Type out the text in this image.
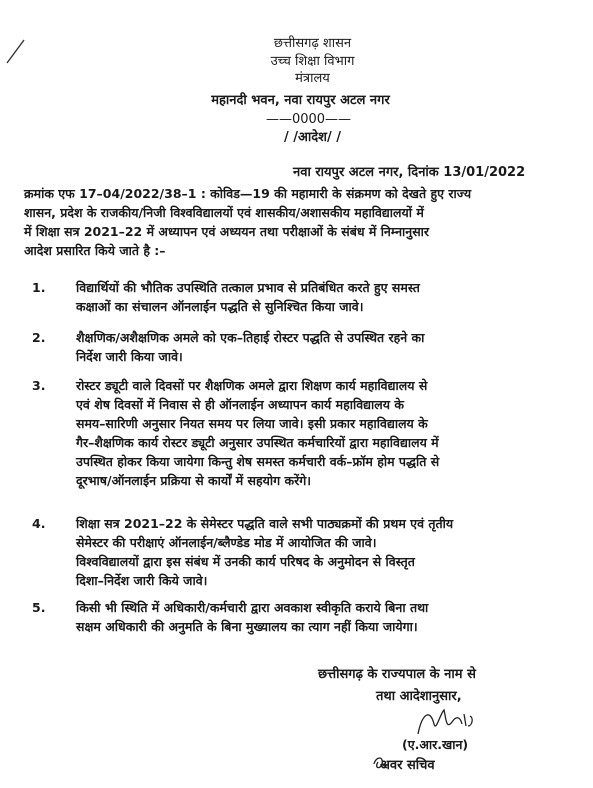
छत्तीसगढ़ शासन
उच्च शिक्षा विभाग
मंत्रालय
महानदी भवन, नवा रायपुर अटल नगर
——0000——
/ /आदेश/ /
नवा रायपुर अटल नगर, दिनांक 13/01/2022
क्रमांक एफ 17–04/2022/38–1 : कोविड—19 की महामारी के संक्रमण को देखते हुए राज्य
शासन, प्रदेश के राजकीय/निजी विश्वविद्यालयों एवं शासकीय/अशासकीय महाविद्यालयों में
में शिक्षा सत्र 2021–22 में अध्यापन एवं अध्ययन तथा परीक्षाओं के संबंध में निम्नानुसार
आदेश प्रसारित किये जाते है :–
1. विद्यार्थियों की भौतिक उपस्थिति तत्काल प्रभाव से प्रतिबंधित करते हुए समस्त
कक्षाओं का संचालन ऑनलाईन पद्धति से सुनिश्चित किया जावे।
2. शैक्षणिक/अशैक्षणिक अमले को एक–तिहाई रोस्टर पद्धति से उपस्थित रहने का
निर्देश जारी किया जावे।
3. रोस्टर ड्यूटी वाले दिवसों पर शैक्षणिक अमले द्वारा शिक्षण कार्य महाविद्यालय से
एवं शेष दिवसों में निवास से ही ऑनलाईन अध्यापन कार्य महाविद्यालय के
समय–सारिणी अनुसार नियत समय पर लिया जावे। इसी प्रकार महाविद्यालय के
गैर–शैक्षणिक कार्य रोस्टर ड्यूटी अनुसार उपस्थित कर्मचारियों द्वारा महाविद्यालय में
उपस्थित होकर किया जायेगा किन्तु शेष समस्त कर्मचारी वर्क–फ्रॉम होम पद्धति से
दूरभाष/ऑनलाईन प्रक्रिया से कार्यों में सहयोग करेंगे।
4. शिक्षा सत्र 2021–22 के सेमेस्टर पद्धति वाले सभी पाठ्यक्रमों की प्रथम एवं तृतीय
सेमेस्टर की परीक्षाएं ऑनलाईन/ब्लैण्डेड मोड में आयोजित की जावे।
विश्वविद्यालयों द्वारा इस संबंध में उनकी कार्य परिषद के अनुमोदन से विस्तृत
दिशा–निर्देश जारी किये जावे।
5. किसी भी स्थिति में अधिकारी/कर्मचारी द्वारा अवकाश स्वीकृति कराये बिना तथा
सक्षम अधिकारी की अनुमति के बिना मुख्यालय का त्याग नहीं किया जायेगा।
छत्तीसगढ़ के राज्यपाल के नाम से
तथा आदेशानुसार,
(ए.आर.खान)
अवर सचिव
